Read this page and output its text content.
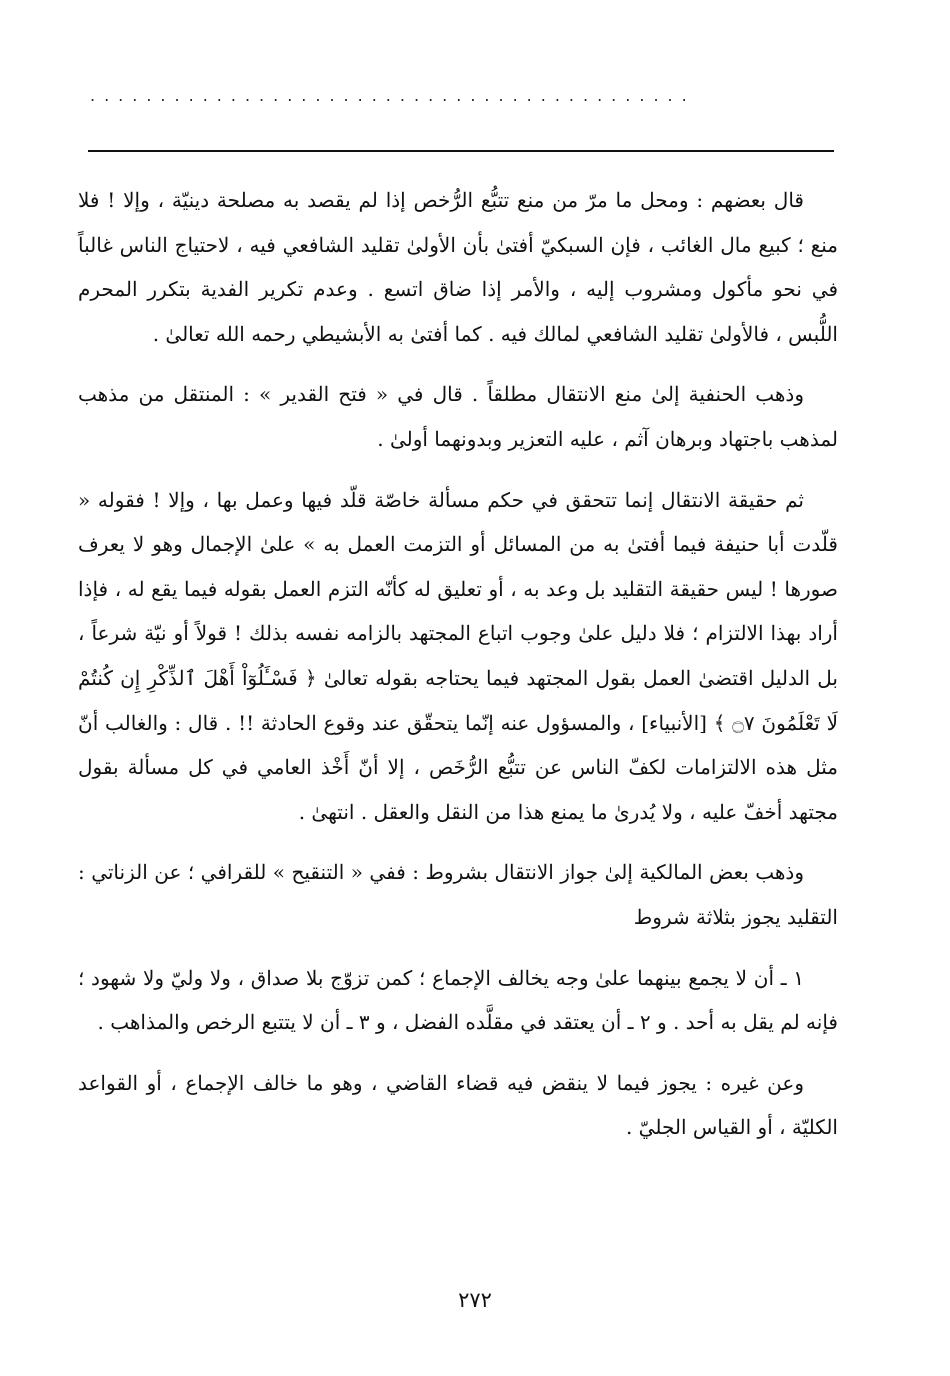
...........................................

قال بعضهم : ومحل ما مرّ من منع تتبُّع الرُّخص إذا لم يقصد به مصلحة دينيّة ، وإلا ! فلا منع ؛ كبيع مال الغائب ، فإن السبكيّ أفتىٰ بأن الأولىٰ تقليد الشافعي فيه ، لاحتياج الناس غالباً في نحو مأكول ومشروب إليه ، والأمر إذا ضاق اتسع . وعدم تكرير الفدية بتكرر المحرم اللُّبس ، فالأولىٰ تقليد الشافعي لمالك فيه . كما أفتىٰ به الأبشيطي رحمه الله تعالىٰ .

وذهب الحنفية إلىٰ منع الانتقال مطلقاً . قال في « فتح القدير » : المنتقل من مذهب لمذهب باجتهاد وبرهان آثم ، عليه التعزير وبدونهما أولىٰ .

ثم حقيقة الانتقال إنما تتحقق في حكم مسألة خاصّة قلّد فيها وعمل بها ، وإلا ! فقوله « قلّدت أبا حنيفة فيما أفتىٰ به من المسائل أو التزمت العمل به » علىٰ الإجمال وهو لا يعرف صورها ! ليس حقيقة التقليد بل وعد به ، أو تعليق له كأنّه التزم العمل بقوله فيما يقع له ، فإذا أراد بهذا الالتزام ؛ فلا دليل علىٰ وجوب اتباع المجتهد بالزامه نفسه بذلك ! قولاً أو نيّة شرعاً ، بل الدليل اقتضىٰ العمل بقول المجتهد فيما يحتاجه بقوله تعالىٰ ﴿ فَسْـَٔلُوٓاْ أَهْلَ ٱلذِّكْرِ إِن كُنتُمْ لَا تَعْلَمُونَ ۝٧ ﴾ [الأنبياء] ، والمسؤول عنه إنّما يتحقّق عند وقوع الحادثة !! . قال : والغالب أنّ مثل هذه الالتزامات لكفّ الناس عن تتبُّع الرُّخَص ، إلا أنّ أَخْذ العامي في كل مسألة بقول مجتهد أخفّ عليه ، ولا يُدرىٰ ما يمنع هذا من النقل والعقل . انتهىٰ .

وذهب بعض المالكية إلىٰ جواز الانتقال بشروط : ففي « التنقيح » للقرافي ؛ عن الزناتي : التقليد يجوز بثلاثة شروط

١ ـ أن لا يجمع بينهما علىٰ وجه يخالف الإجماع ؛ كمن تزوّج بلا صداق ، ولا وليّ ولا شهود ؛ فإنه لم يقل به أحد . و ٢ ـ أن يعتقد في مقلَّده الفضل ، و ٣ ـ أن لا يتتبع الرخص والمذاهب .

وعن غيره : يجوز فيما لا ينقض فيه قضاء القاضي ، وهو ما خالف الإجماع ، أو القواعد الكليّة ، أو القياس الجليّ .

٢٧٢
